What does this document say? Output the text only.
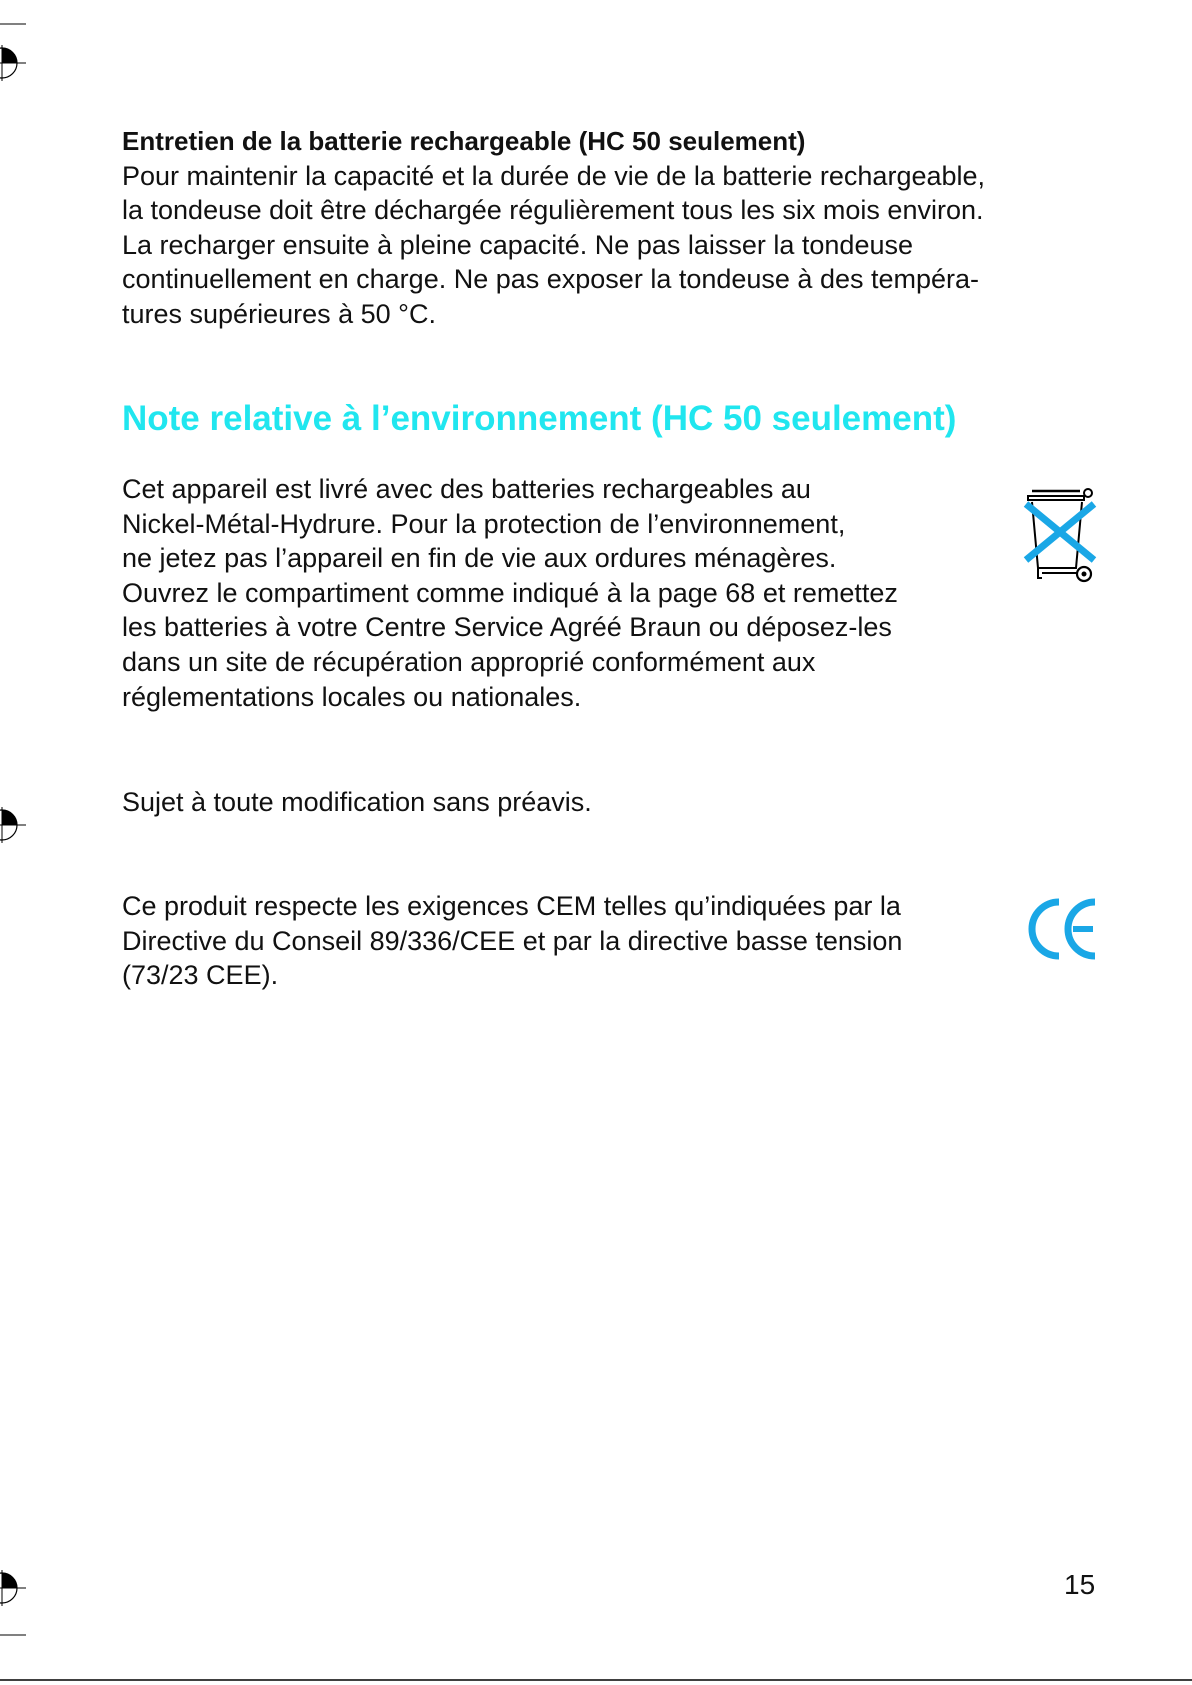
Entretien de la batterie rechargeable (HC 50 seulement)
Pour maintenir la capacité et la durée de vie de la batterie rechargeable,
la tondeuse doit être déchargée régulièrement tous les six mois environ.
La recharger ensuite à pleine capacité. Ne pas laisser la tondeuse
continuellement en charge. Ne pas exposer la tondeuse à des tempéra-
tures supérieures à 50 °C.
Note relative à l’environnement (HC 50 seulement)
Cet appareil est livré avec des batteries rechargeables au
Nickel-Métal-Hydrure. Pour la protection de l’environnement,
ne jetez pas l’appareil en fin de vie aux ordures ménagères.
Ouvrez le compartiment comme indiqué à la page 68 et remettez
les batteries à votre Centre Service Agréé Braun ou déposez-les
dans un site de récupération approprié conformément aux
réglementations locales ou nationales.
Sujet à toute modification sans préavis.
Ce produit respecte les exigences CEM telles qu’indiquées par la
Directive du Conseil 89/336/CEE et par la directive basse tension
(73/23 CEE).
15
